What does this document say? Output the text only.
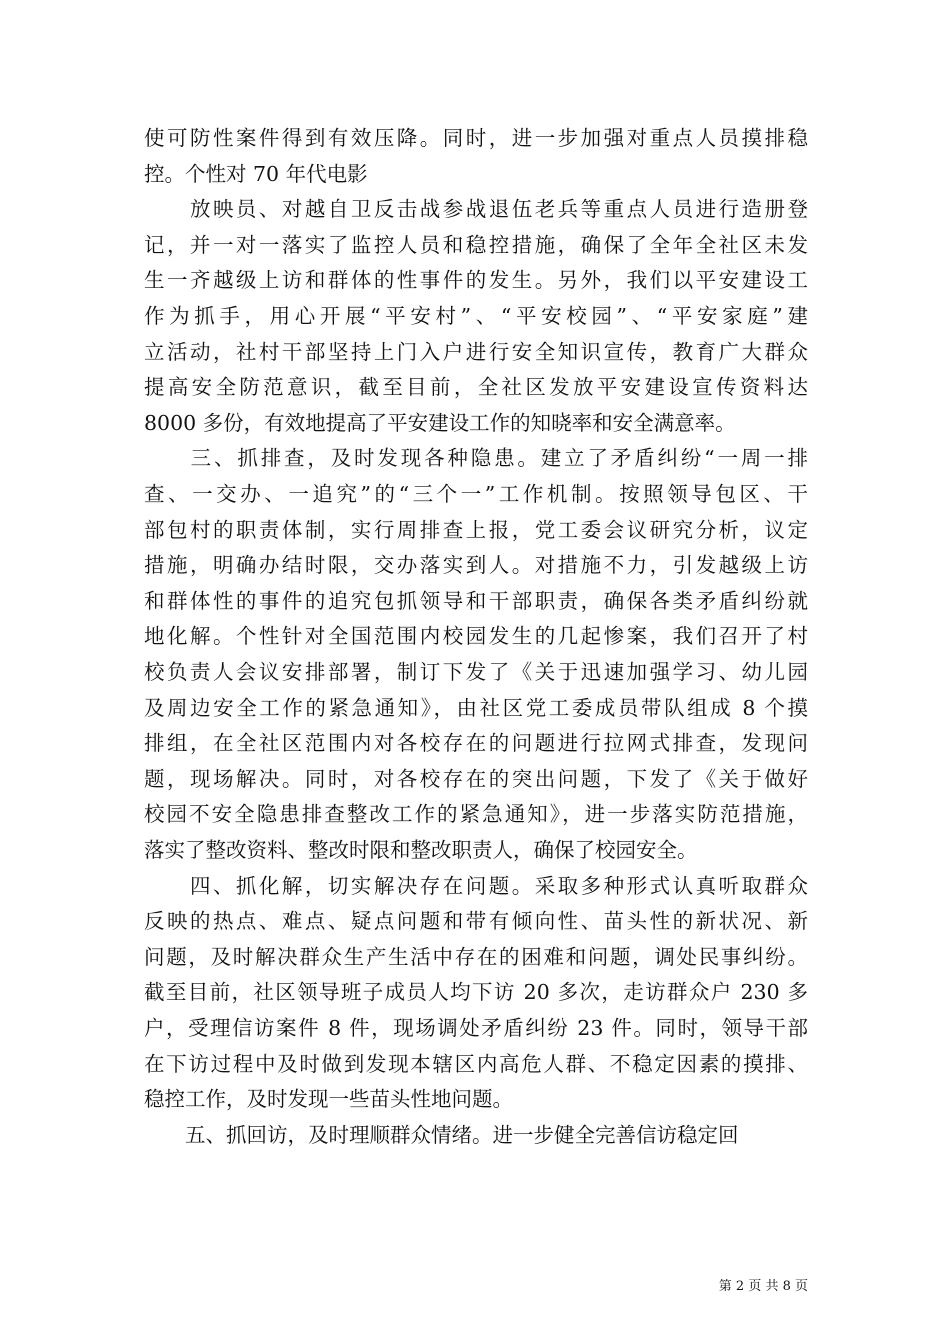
使可防性案件得到有效压降。同时，进一步加强对重点人员摸排稳
控。个性对 70 年代电影
　　放映员、对越自卫反击战参战退伍老兵等重点人员进行造册登
记，并一对一落实了监控人员和稳控措施，确保了全年全社区未发
生一齐越级上访和群体的性事件的发生。另外，我们以平安建设工
作为抓手，用心开展“平安村”、“平安校园”、“平安家庭”建
立活动，社村干部坚持上门入户进行安全知识宣传，教育广大群众
提高安全防范意识，截至目前，全社区发放平安建设宣传资料达
8000 多份，有效地提高了平安建设工作的知晓率和安全满意率。
　　三、抓排查，及时发现各种隐患。建立了矛盾纠纷“一周一排
查、一交办、一追究”的“三个一”工作机制。按照领导包区、干
部包村的职责体制，实行周排查上报，党工委会议研究分析，议定
措施，明确办结时限，交办落实到人。对措施不力，引发越级上访
和群体性的事件的追究包抓领导和干部职责，确保各类矛盾纠纷就
地化解。个性针对全国范围内校园发生的几起惨案，我们召开了村
校负责人会议安排部署，制订下发了《关于迅速加强学习、幼儿园
及周边安全工作的紧急通知》，由社区党工委成员带队组成 8 个摸
排组，在全社区范围内对各校存在的问题进行拉网式排查，发现问
题，现场解决。同时，对各校存在的突出问题，下发了《关于做好
校园不安全隐患排查整改工作的紧急通知》，进一步落实防范措施，
落实了整改资料、整改时限和整改职责人，确保了校园安全。
　　四、抓化解，切实解决存在问题。采取多种形式认真听取群众
反映的热点、难点、疑点问题和带有倾向性、苗头性的新状况、新
问题，及时解决群众生产生活中存在的困难和问题，调处民事纠纷。
截至目前，社区领导班子成员人均下访 20 多次，走访群众户 230 多
户，受理信访案件 8 件，现场调处矛盾纠纷 23 件。同时，领导干部
在下访过程中及时做到发现本辖区内高危人群、不稳定因素的摸排、
稳控工作，及时发现一些苗头性地问题。
　　五、抓回访，及时理顺群众情绪。进一步健全完善信访稳定回
第 2 页 共 8 页
